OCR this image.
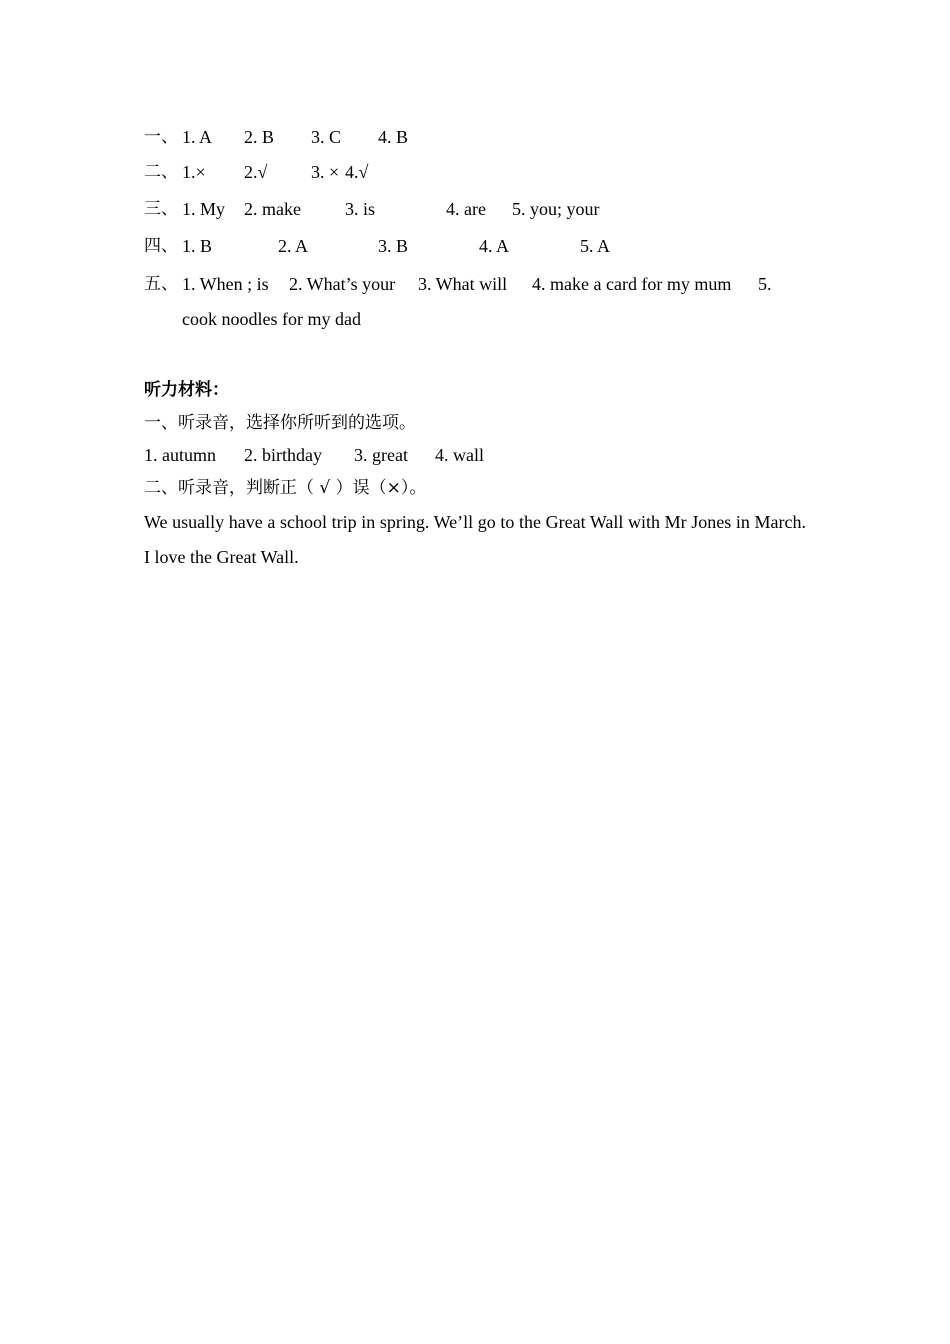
一、 1. A 2. B 3. C 4. B
二、 1.× 2.√ 3. × 4.√
三、 1. My 2. make 3. is	4. are 5. you; your
四、 1. B	2. A	3. B	4. A	5. A
五、 1. When ; is 2. What’s your 3. What will 4. make a card for my mum 5.
cook noodles for my dad
听力材料：
一、听录音，选择你所听到的选项。
1. autumn 2. birthday 3. great 4. wall
二、听录音，判断正（ √ ）误（×）。
We usually have a school trip in spring. We’ll go to the Great Wall with Mr Jones in March. I love the Great Wall.
